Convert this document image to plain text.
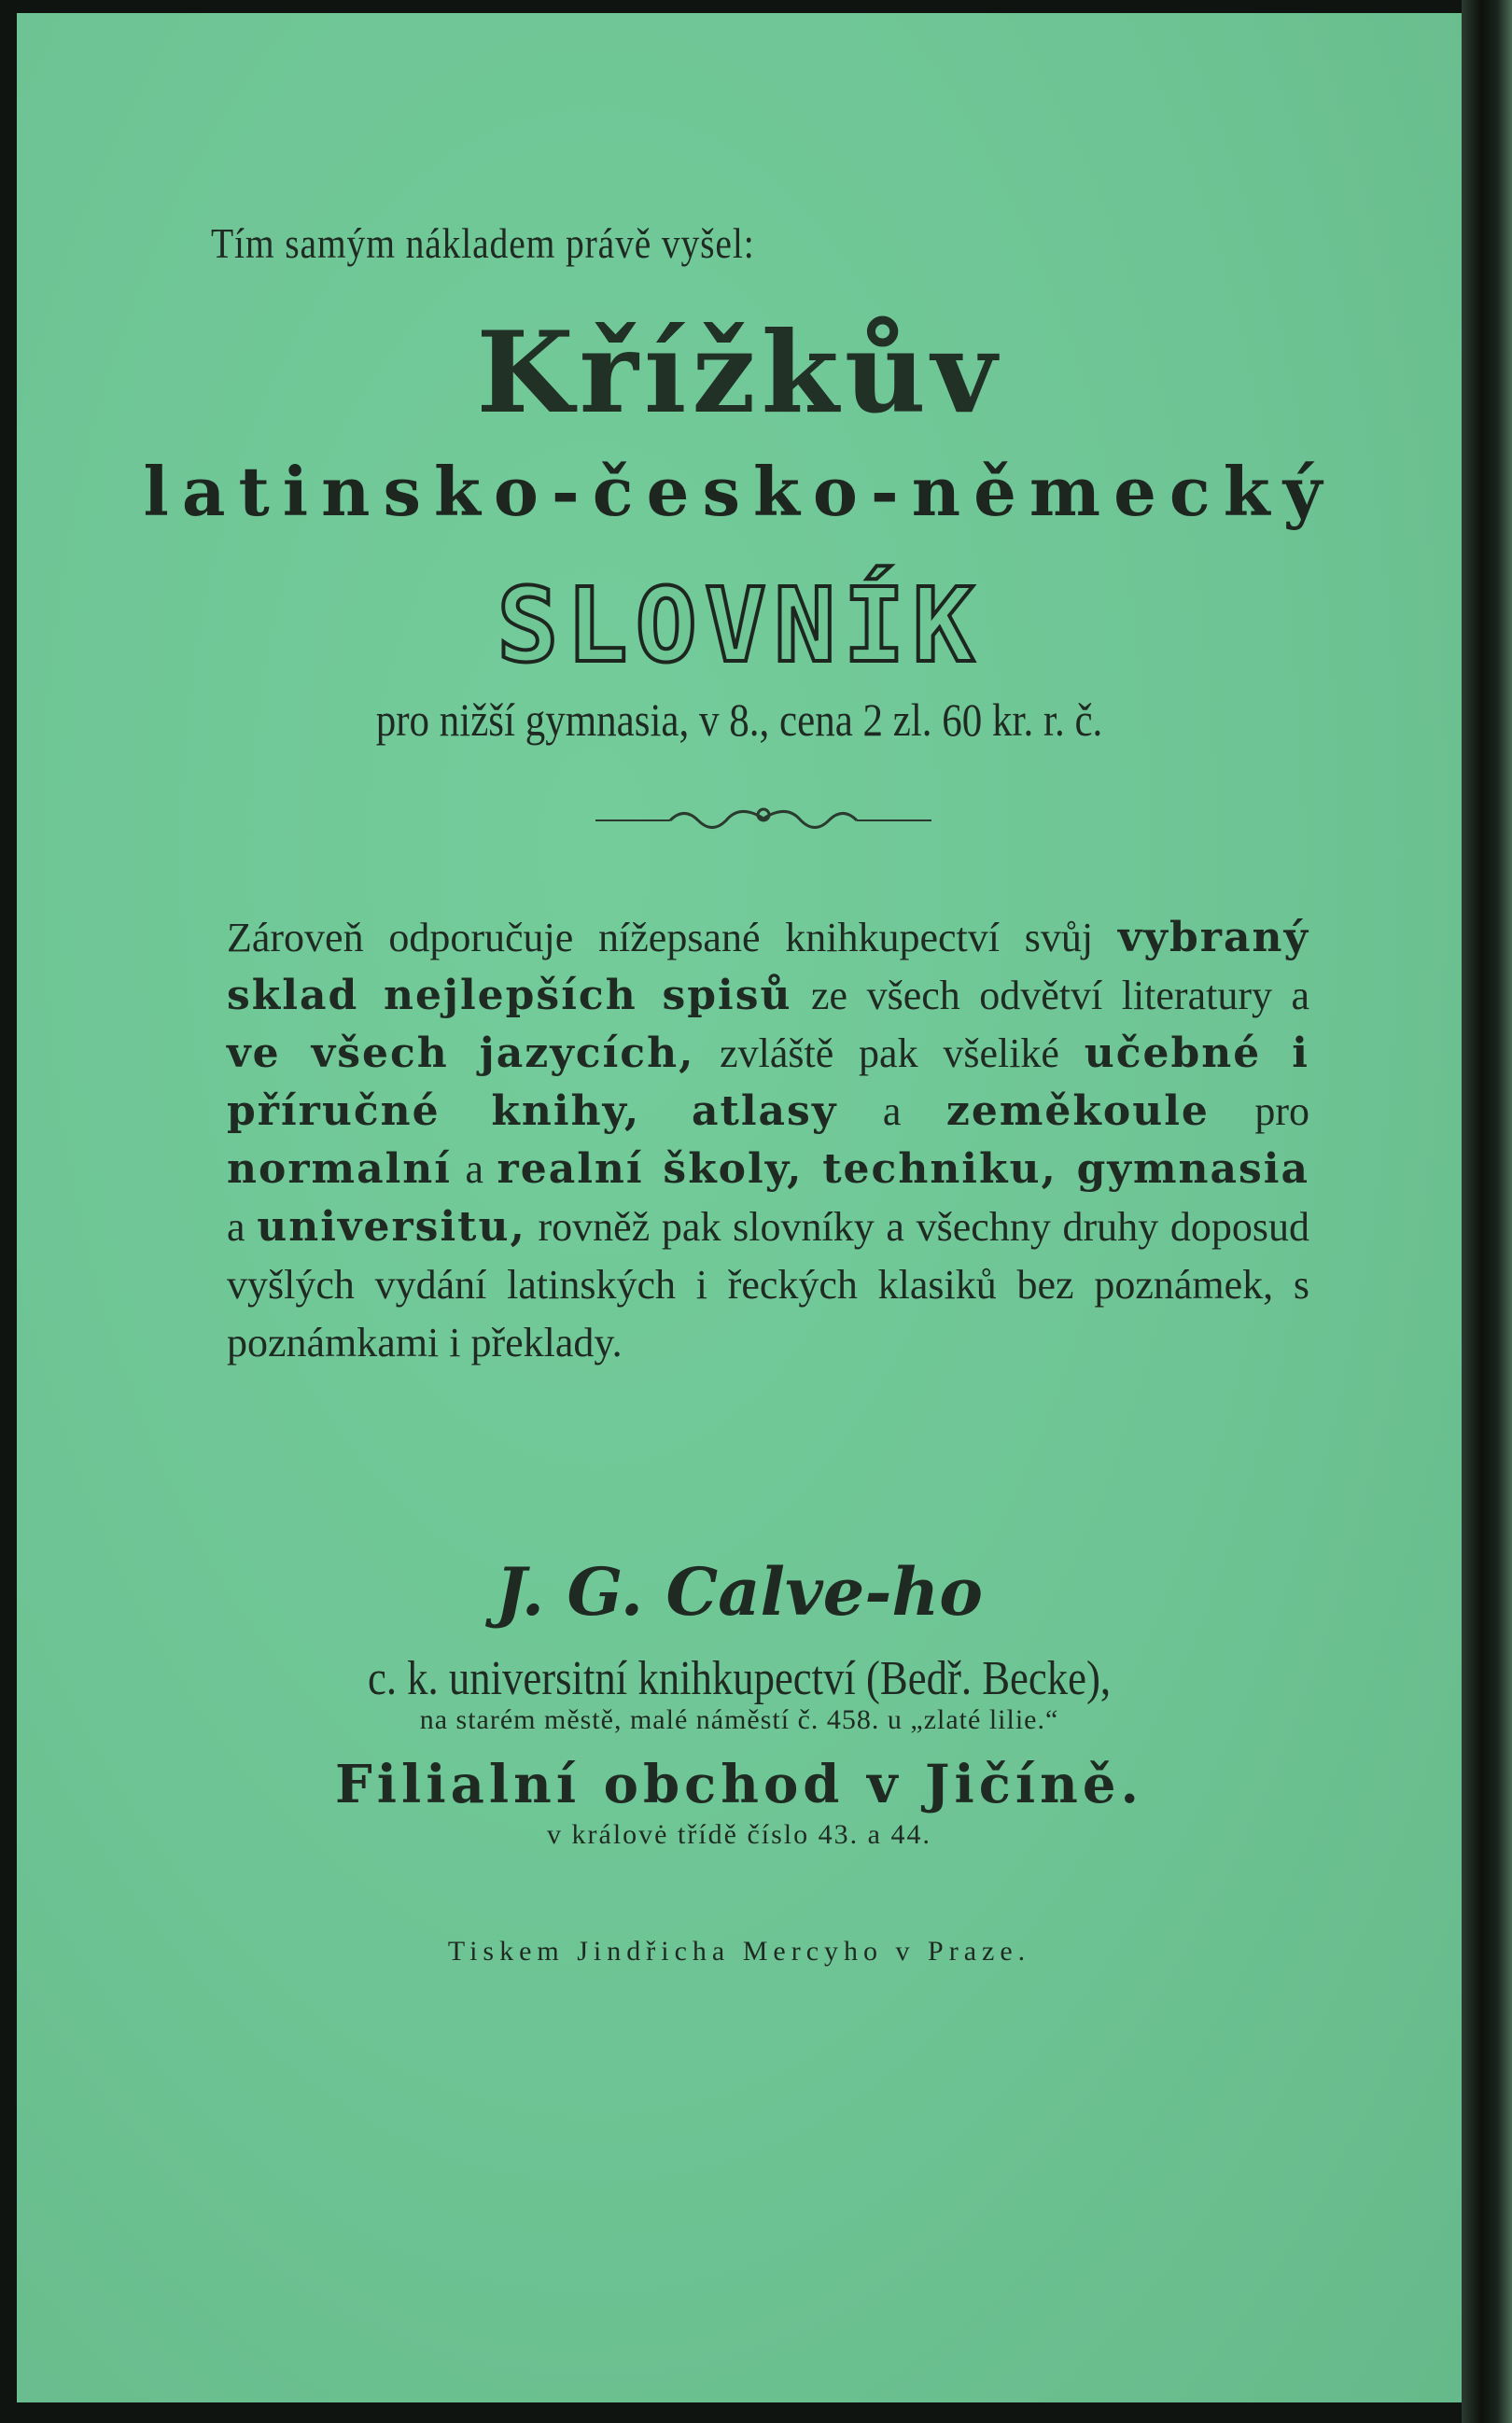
Tím samým nákladem právě vyšel:
Křížkův
latinsko-česko-německý
SLOVNÍK
pro nižší gymnasia, v 8., cena 2 zl. 60 kr. r. č.
Zároveň odporučuje nížepsané knihkupectví svůj vybraný sklad nejlepších spisů ze všech odvětví literatury a ve všech jazycích, zvláště pak všeliké učebné i příručné knihy, atlasy a zeměkoule pro normalní a realní školy, techniku, gymnasia a universitu, rovněž pak slovníky a všechny druhy doposud vyšlých vydání latinských i řeckých klasiků bez poznámek, s poznámkami i překlady.
J. G. Calve-ho
c. k. universitní knihkupectví (Bedř. Becke),
na starém městě, malé náměstí č. 458. u „zlaté lilie.“
Filialní obchod v Jičíně.
v královė třídě číslo 43. a 44.
Tiskem Jindřicha Mercyho v Praze.
